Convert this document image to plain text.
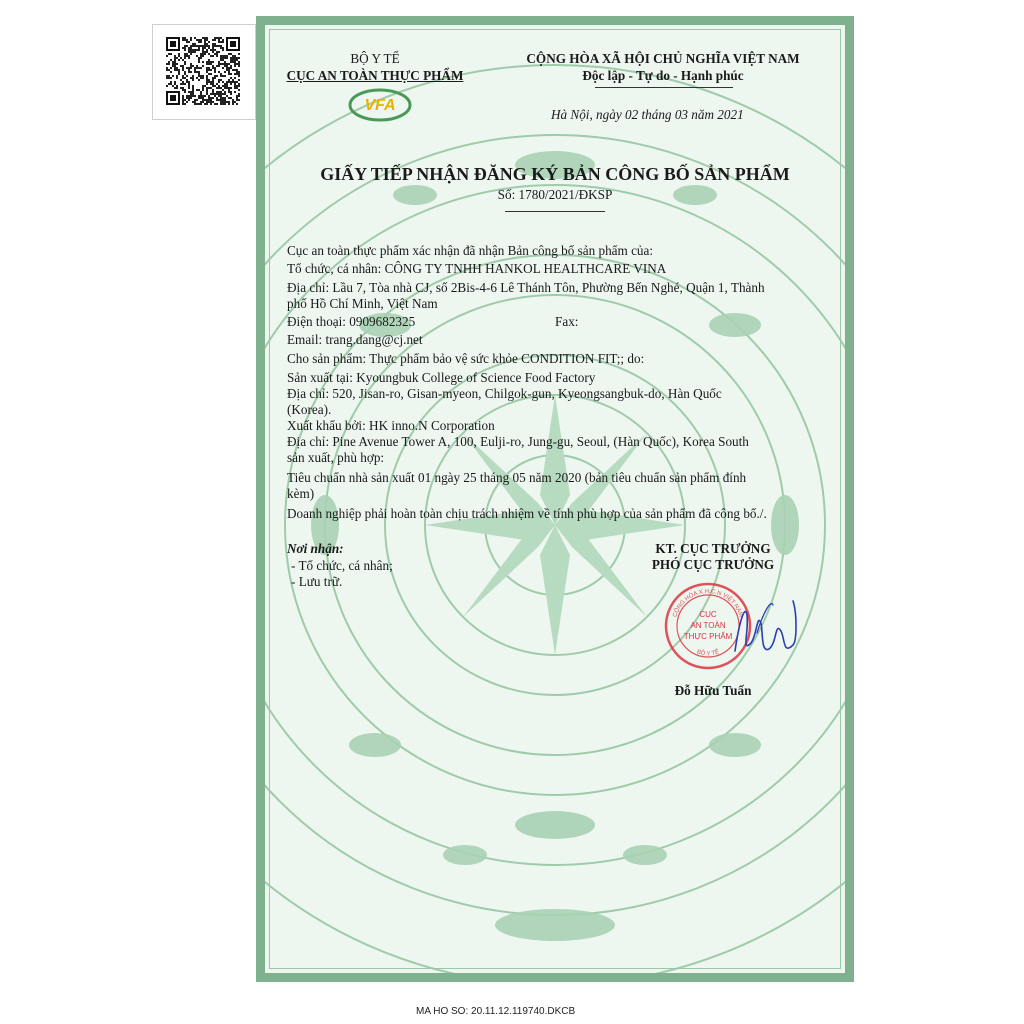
BỘ Y TẾ
CỤC AN TOÀN THỰC PHẨM
VFA
CỘNG HÒA XÃ HỘI CHỦ NGHĨA VIỆT NAM
Độc lập - Tự do - Hạnh phúc
Hà Nội, ngày 02 tháng 03 năm 2021
GIẤY TIẾP NHẬN ĐĂNG KÝ BẢN CÔNG BỐ SẢN PHẨM
Số: 1780/2021/ĐKSP
Cục an toàn thực phẩm xác nhận đã nhận Bản công bố sản phẩm của:
Tổ chức, cá nhân: CÔNG TY TNHH HANKOL HEALTHCARE VINA
Địa chỉ: Lầu 7, Tòa nhà CJ, số 2Bis-4-6 Lê Thánh Tôn, Phường Bến Nghé, Quận 1, Thành
phố Hồ Chí Minh, Việt Nam
Điện thoại: 0909682325	Fax:
Email: trang.dang@cj.net
Cho sản phẩm: Thực phẩm bảo vệ sức khỏe CONDITION FIT;; do:
Sản xuất tại: Kyoungbuk College of Science Food Factory
Địa chỉ: 520, Jisan-ro, Gisan-myeon, Chilgok-gun, Kyeongsangbuk-do, Hàn Quốc
(Korea).
Xuất khẩu bởi: HK inno.N Corporation
Địa chỉ: Pine Avenue Tower A, 100, Eulji-ro, Jung-gu, Seoul, (Hàn Quốc), Korea South
sản xuất, phù hợp:
Tiêu chuẩn nhà sản xuất 01 ngày 25 tháng 05 năm 2020 (bản tiêu chuẩn sản phẩm đính
kèm)
Doanh nghiệp phải hoàn toàn chịu trách nhiệm về tính phù hợp của sản phẩm đã công bố./.
Nơi nhận:
- Tổ chức, cá nhân;
- Lưu trữ.
KT. CỤC TRƯỞNG
PHÓ CỤC TRƯỞNG
CỘNG HÒA X.H.C.N VIỆT NAM
BỘ Y TẾ
CỤC
AN TOÀN
THỰC PHẨM
Đỗ Hữu Tuấn
MA HO SO: 20.11.12.119740.DKCB
